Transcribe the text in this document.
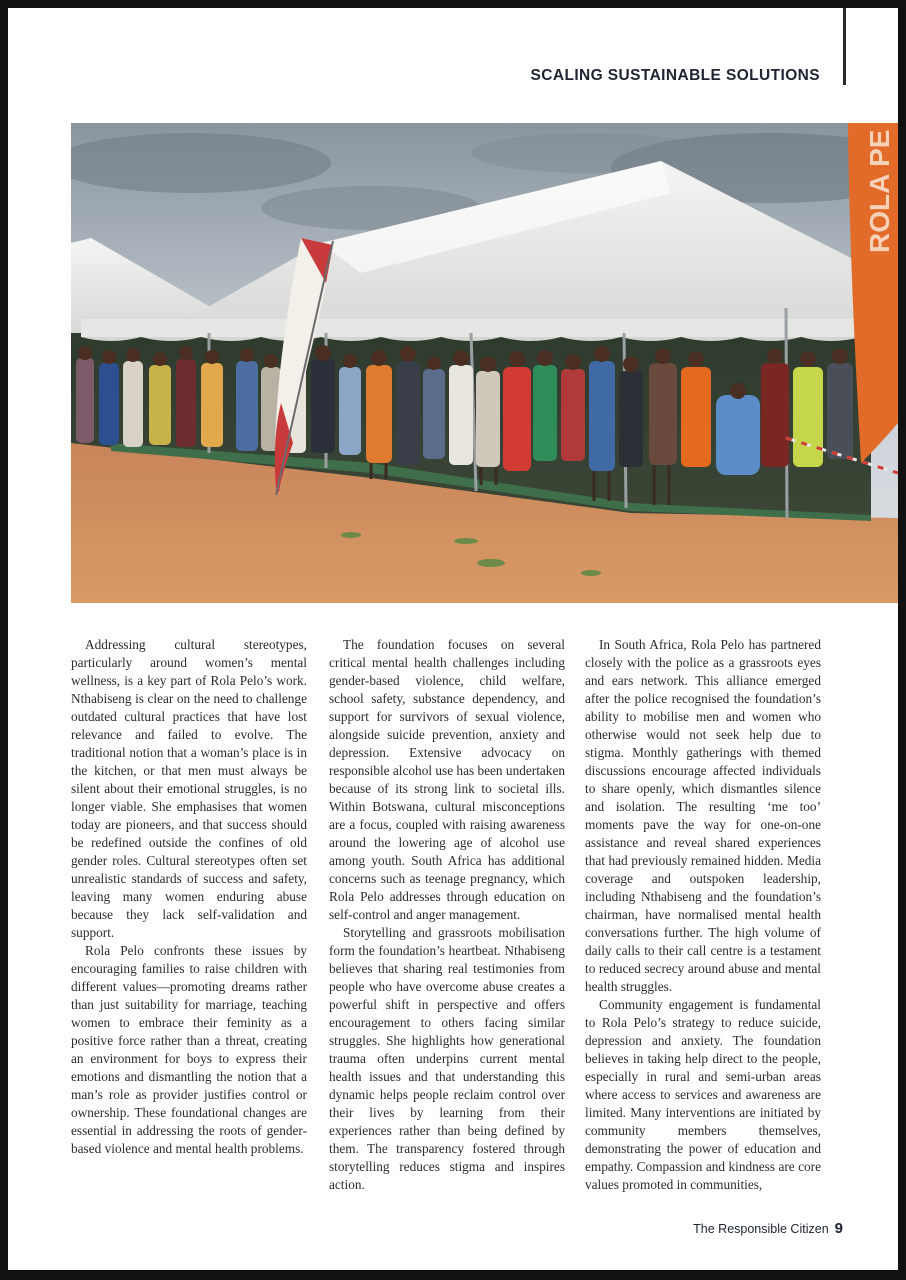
SCALING SUSTAINABLE SOLUTIONS
ROLA PE

Addressing cultural stereotypes, particularly around women’s mental wellness, is a key part of Rola Pelo’s work. Nthabiseng is clear on the need to challenge outdated cultural practices that have lost relevance and failed to evolve. The traditional notion that a woman’s place is in the kitchen, or that men must always be silent about their emotional struggles, is no longer viable. She emphasises that women today are pioneers, and that success should be redefined outside the confines of old gender roles. Cultural stereotypes often set unrealistic standards of success and safety, leaving many women enduring abuse because they lack self-validation and support.

Rola Pelo confronts these issues by encouraging families to raise children with different values—promoting dreams rather than just suitability for marriage, teaching women to embrace their feminity as a positive force rather than a threat, creating an environment for boys to express their emotions and dismantling the notion that a man’s role as provider justifies control or ownership. These foundational changes are essential in addressing the roots of gender-based violence and mental health problems.

The foundation focuses on several critical mental health challenges including gender-based violence, child welfare, school safety, substance dependency, and support for survivors of sexual violence, alongside suicide prevention, anxiety and depression. Extensive advocacy on responsible alcohol use has been undertaken because of its strong link to societal ills. Within Botswana, cultural misconceptions are a focus, coupled with raising awareness around the lowering age of alcohol use among youth. South Africa has additional concerns such as teenage pregnancy, which Rola Pelo addresses through education on self-control and anger management.

Storytelling and grassroots mobilisation form the foundation’s heartbeat. Nthabiseng believes that sharing real testimonies from people who have overcome abuse creates a powerful shift in perspective and offers encouragement to others facing similar struggles. She highlights how generational trauma often underpins current mental health issues and that understanding this dynamic helps people reclaim control over their lives by learning from their experiences rather than being defined by them. The transparency fostered through storytelling reduces stigma and inspires action.

In South Africa, Rola Pelo has partnered closely with the police as a grassroots eyes and ears network. This alliance emerged after the police recognised the foundation’s ability to mobilise men and women who otherwise would not seek help due to stigma. Monthly gatherings with themed discussions encourage affected individuals to share openly, which dismantles silence and isolation. The resulting ‘me too’ moments pave the way for one-on-one assistance and reveal shared experiences that had previously remained hidden. Media coverage and outspoken leadership, including Nthabiseng and the foundation’s chairman, have normalised mental health conversations further. The high volume of daily calls to their call centre is a testament to reduced secrecy around abuse and mental health struggles.

Community engagement is fundamental to Rola Pelo’s strategy to reduce suicide, depression and anxiety. The foundation believes in taking help direct to the people, especially in rural and semi-urban areas where access to services and awareness are limited. Many interventions are initiated by community members themselves, demonstrating the power of education and empathy. Compassion and kindness are core values promoted in communities,

The Responsible Citizen 9
